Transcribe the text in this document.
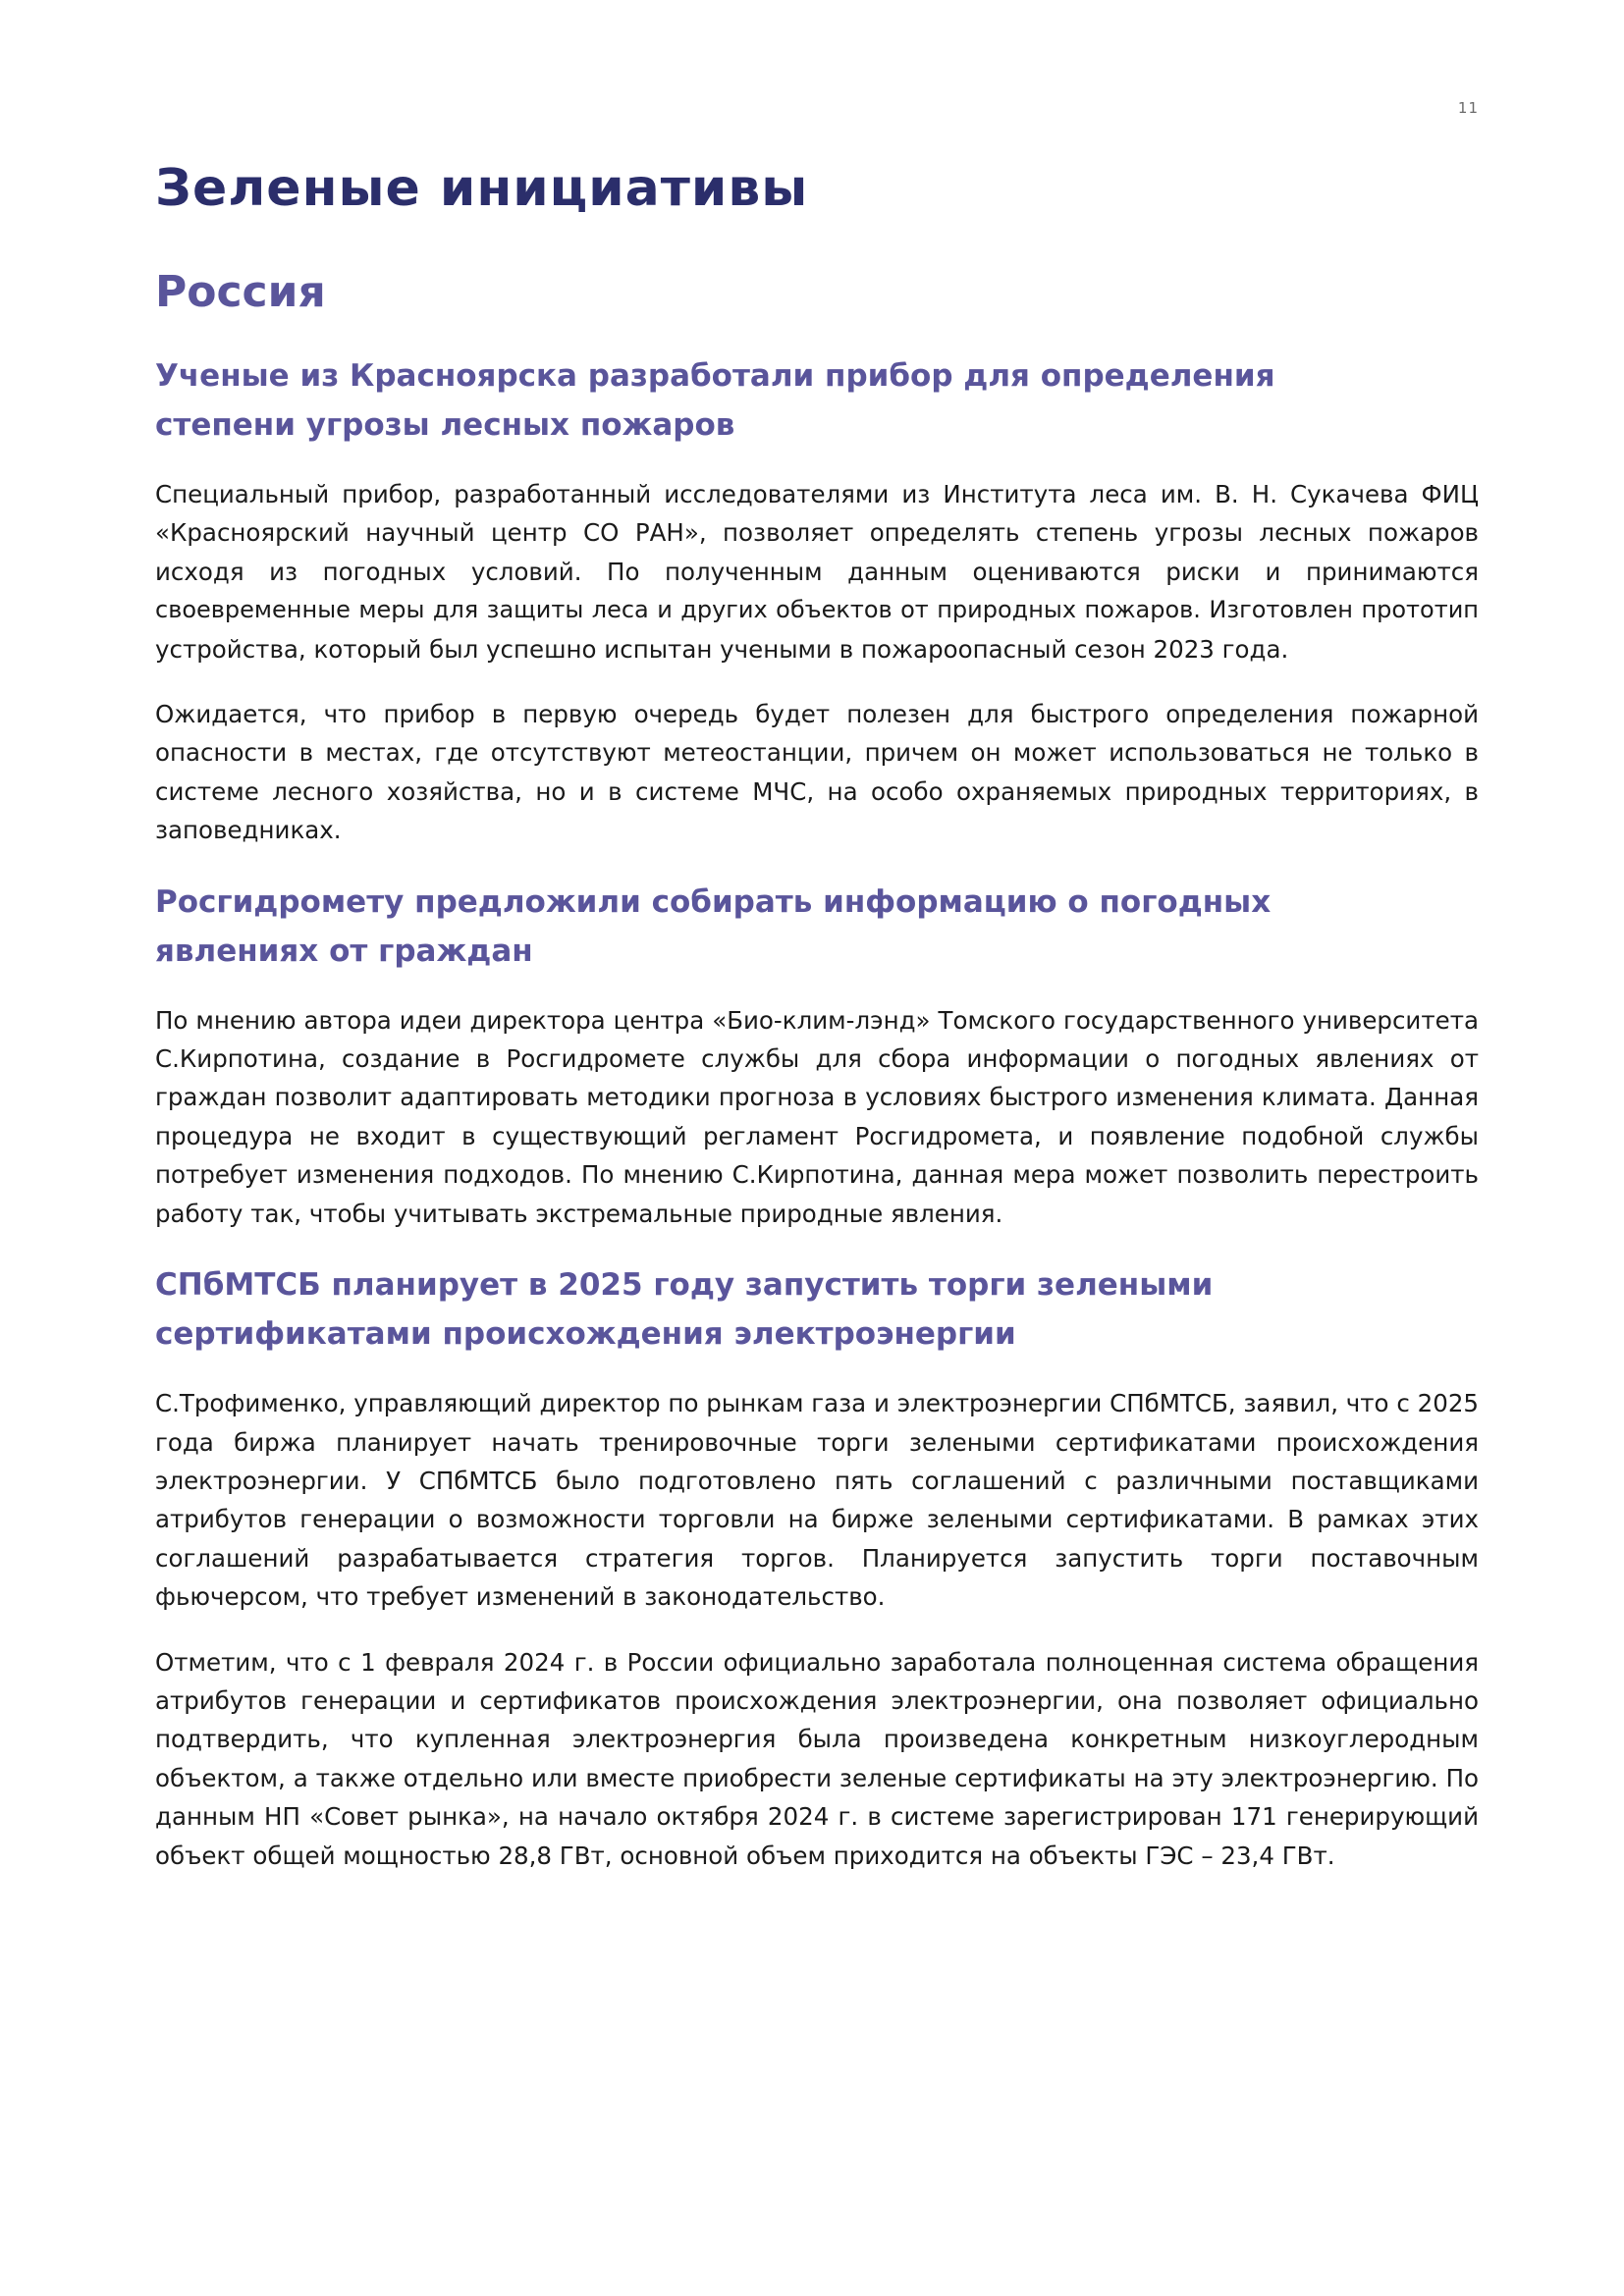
11
Зеленые инициативы
Россия
Ученые из Красноярска разработали прибор для определения
степени угрозы лесных пожаров
Специальный прибор, разработанный исследователями из Института леса им. В. Н. Сукачева ФИЦ
«Красноярский научный центр СО РАН», позволяет определять степень угрозы лесных пожаров
исходя из погодных условий. По полученным данным оцениваются риски и принимаются
своевременные меры для защиты леса и других объектов от природных пожаров. Изготовлен прототип
устройства, который был успешно испытан учеными в пожароопасный сезон 2023 года.
Ожидается, что прибор в первую очередь будет полезен для быстрого определения пожарной
опасности в местах, где отсутствуют метеостанции, причем он может использоваться не только в
системе лесного хозяйства, но и в системе МЧС, на особо охраняемых природных территориях, в
заповедниках.
Росгидромету предложили собирать информацию о погодных
явлениях от граждан
По мнению автора идеи директора центра «Био-клим-лэнд» Томского государственного университета
С.Кирпотина, создание в Росгидромете службы для сбора информации о погодных явлениях от
граждан позволит адаптировать методики прогноза в условиях быстрого изменения климата. Данная
процедура не входит в существующий регламент Росгидромета, и появление подобной службы
потребует изменения подходов. По мнению С.Кирпотина, данная мера может позволить перестроить
работу так, чтобы учитывать экстремальные природные явления.
СПбМТСБ планирует в 2025 году запустить торги зелеными
сертификатами происхождения электроэнергии
С.Трофименко, управляющий директор по рынкам газа и электроэнергии СПбМТСБ, заявил, что с 2025
года биржа планирует начать тренировочные торги зелеными сертификатами происхождения
электроэнергии. У СПбМТСБ было подготовлено пять соглашений с различными поставщиками
атрибутов генерации о возможности торговли на бирже зелеными сертификатами. В рамках этих
соглашений разрабатывается стратегия торгов. Планируется запустить торги поставочным
фьючерсом, что требует изменений в законодательство.
Отметим, что с 1 февраля 2024 г. в России официально заработала полноценная система обращения
атрибутов генерации и сертификатов происхождения электроэнергии, она позволяет официально
подтвердить, что купленная электроэнергия была произведена конкретным низкоуглеродным
объектом, а также отдельно или вместе приобрести зеленые сертификаты на эту электроэнергию. По
данным НП «Совет рынка», на начало октября 2024 г. в системе зарегистрирован 171 генерирующий
объект общей мощностью 28,8 ГВт, основной объем приходится на объекты ГЭС – 23,4 ГВт.
